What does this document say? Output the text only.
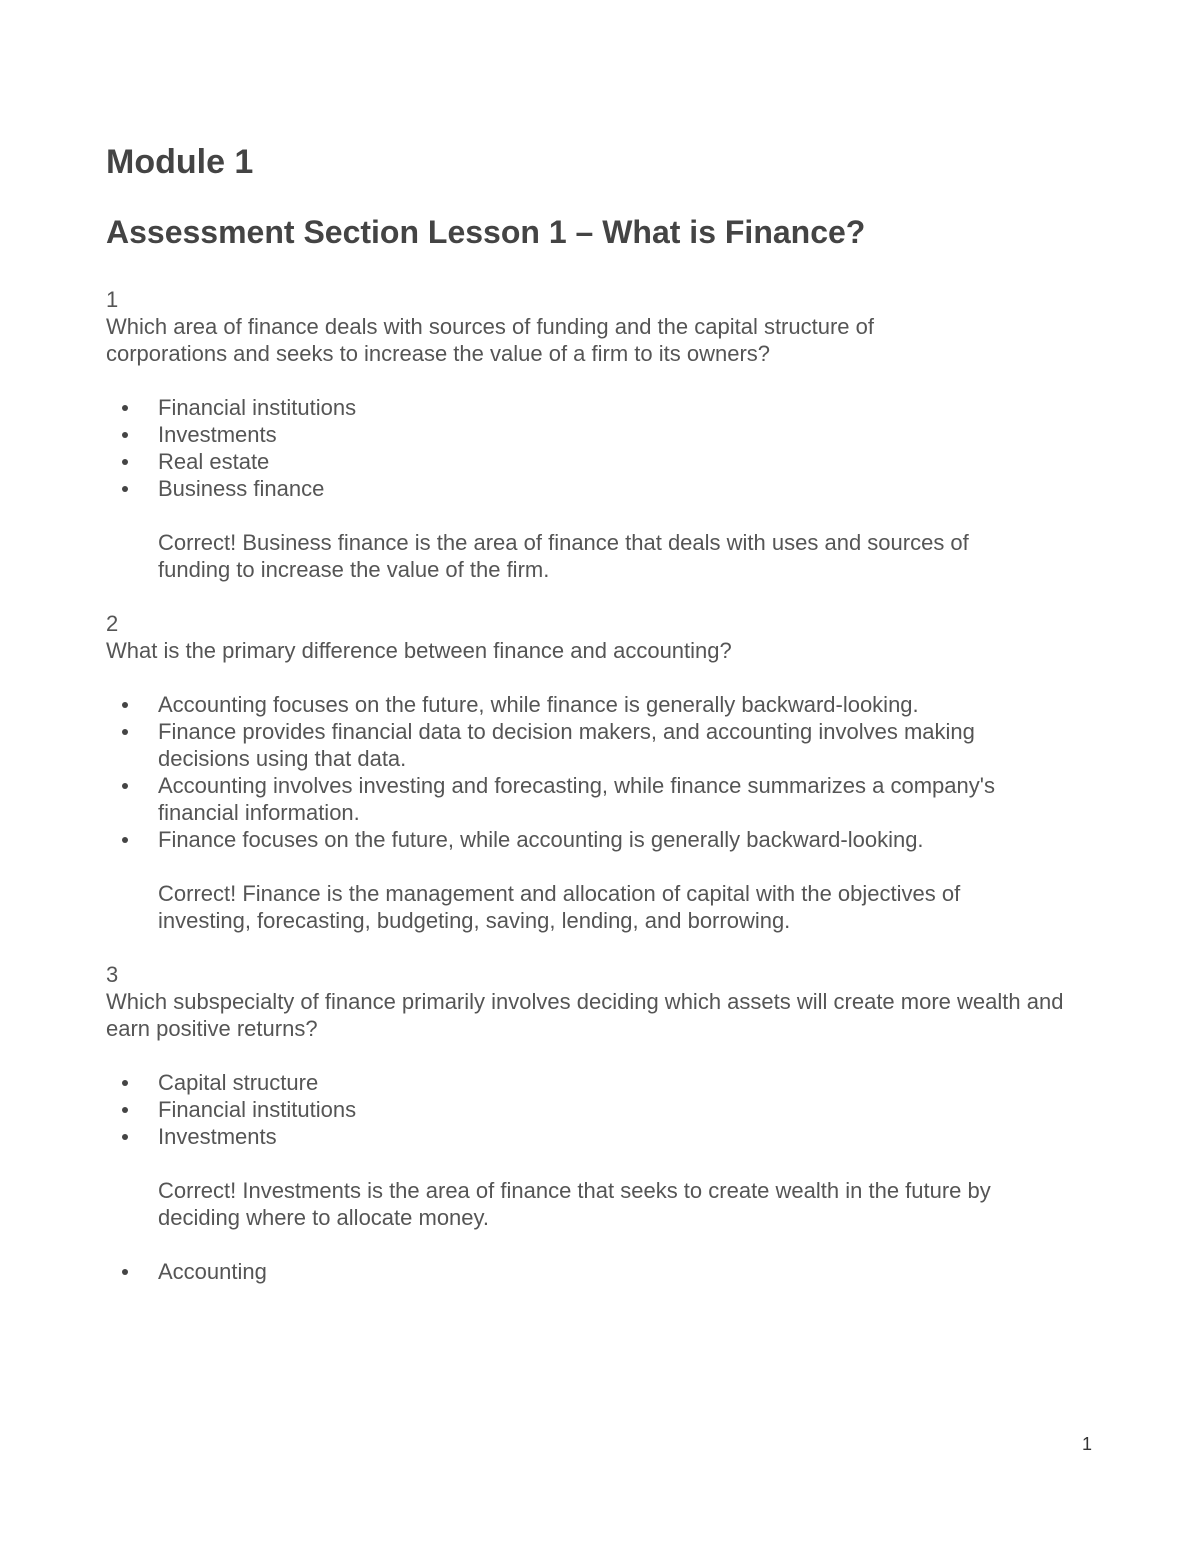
Module 1
Assessment Section Lesson 1 – What is Finance?

1

Which area of finance deals with sources of funding and the capital structure of corporations and seeks to increase the value of a firm to its owners?

Financial institutions
Investments
Real estate
Business finance

Correct! Business finance is the area of finance that deals with uses and sources of funding to increase the value of the firm.

2

What is the primary difference between finance and accounting?

Accounting focuses on the future, while finance is generally backward-looking.
Finance provides financial data to decision makers, and accounting involves making decisions using that data.
Accounting involves investing and forecasting, while finance summarizes a company's financial information.
Finance focuses on the future, while accounting is generally backward-looking.

Correct! Finance is the management and allocation of capital with the objectives of investing, forecasting, budgeting, saving, lending, and borrowing.

3

Which subspecialty of finance primarily involves deciding which assets will create more wealth and earn positive returns?

Capital structure
Financial institutions
Investments

Correct! Investments is the area of finance that seeks to create wealth in the future by deciding where to allocate money.

Accounting
1
